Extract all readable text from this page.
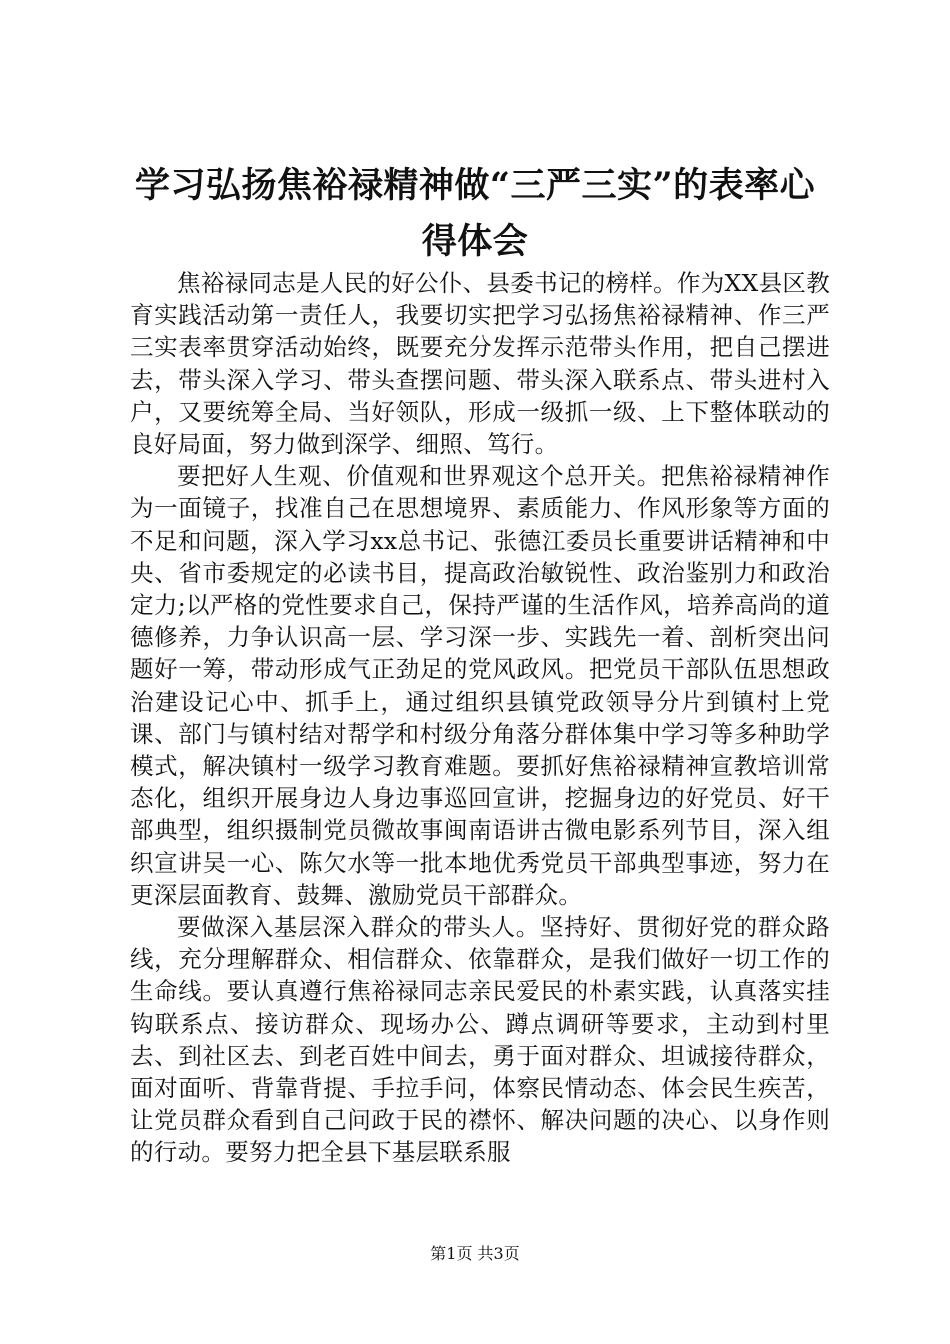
学习弘扬焦裕禄精神做“三严三实”的表率心
得体会

焦裕禄同志是人民的好公仆、县委书记的榜样。作为XX县区教育实践活动第一责任人，我要切实把学习弘扬焦裕禄精神、作三严三实表率贯穿活动始终，既要充分发挥示范带头作用，把自己摆进去，带头深入学习、带头查摆问题、带头深入联系点、带头进村入户，又要统筹全局、当好领队，形成一级抓一级、上下整体联动的良好局面，努力做到深学、细照、笃行。

要把好人生观、价值观和世界观这个总开关。把焦裕禄精神作为一面镜子，找准自己在思想境界、素质能力、作风形象等方面的不足和问题，深入学习xx总书记、张德江委员长重要讲话精神和中央、省市委规定的必读书目，提高政治敏锐性、政治鉴别力和政治定力;以严格的党性要求自己，保持严谨的生活作风，培养高尚的道德修养，力争认识高一层、学习深一步、实践先一着、剖析突出问题好一筹，带动形成气正劲足的党风政风。把党员干部队伍思想政治建设记心中、抓手上，通过组织县镇党政领导分片到镇村上党课、部门与镇村结对帮学和村级分角落分群体集中学习等多种助学模式，解决镇村一级学习教育难题。要抓好焦裕禄精神宣教培训常态化，组织开展身边人身边事巡回宣讲，挖掘身边的好党员、好干部典型，组织摄制党员微故事闽南语讲古微电影系列节目，深入组织宣讲吴一心、陈欠水等一批本地优秀党员干部典型事迹，努力在更深层面教育、鼓舞、激励党员干部群众。

要做深入基层深入群众的带头人。坚持好、贯彻好党的群众路线，充分理解群众、相信群众、依靠群众，是我们做好一切工作的生命线。要认真遵行焦裕禄同志亲民爱民的朴素实践，认真落实挂钩联系点、接访群众、现场办公、蹲点调研等要求，主动到村里去、到社区去、到老百姓中间去，勇于面对群众、坦诚接待群众，面对面听、背靠背提、手拉手问，体察民情动态、体会民生疾苦，让党员群众看到自己问政于民的襟怀、解决问题的决心、以身作则的行动。要努力把全县下基层联系服

第1页 共3页
